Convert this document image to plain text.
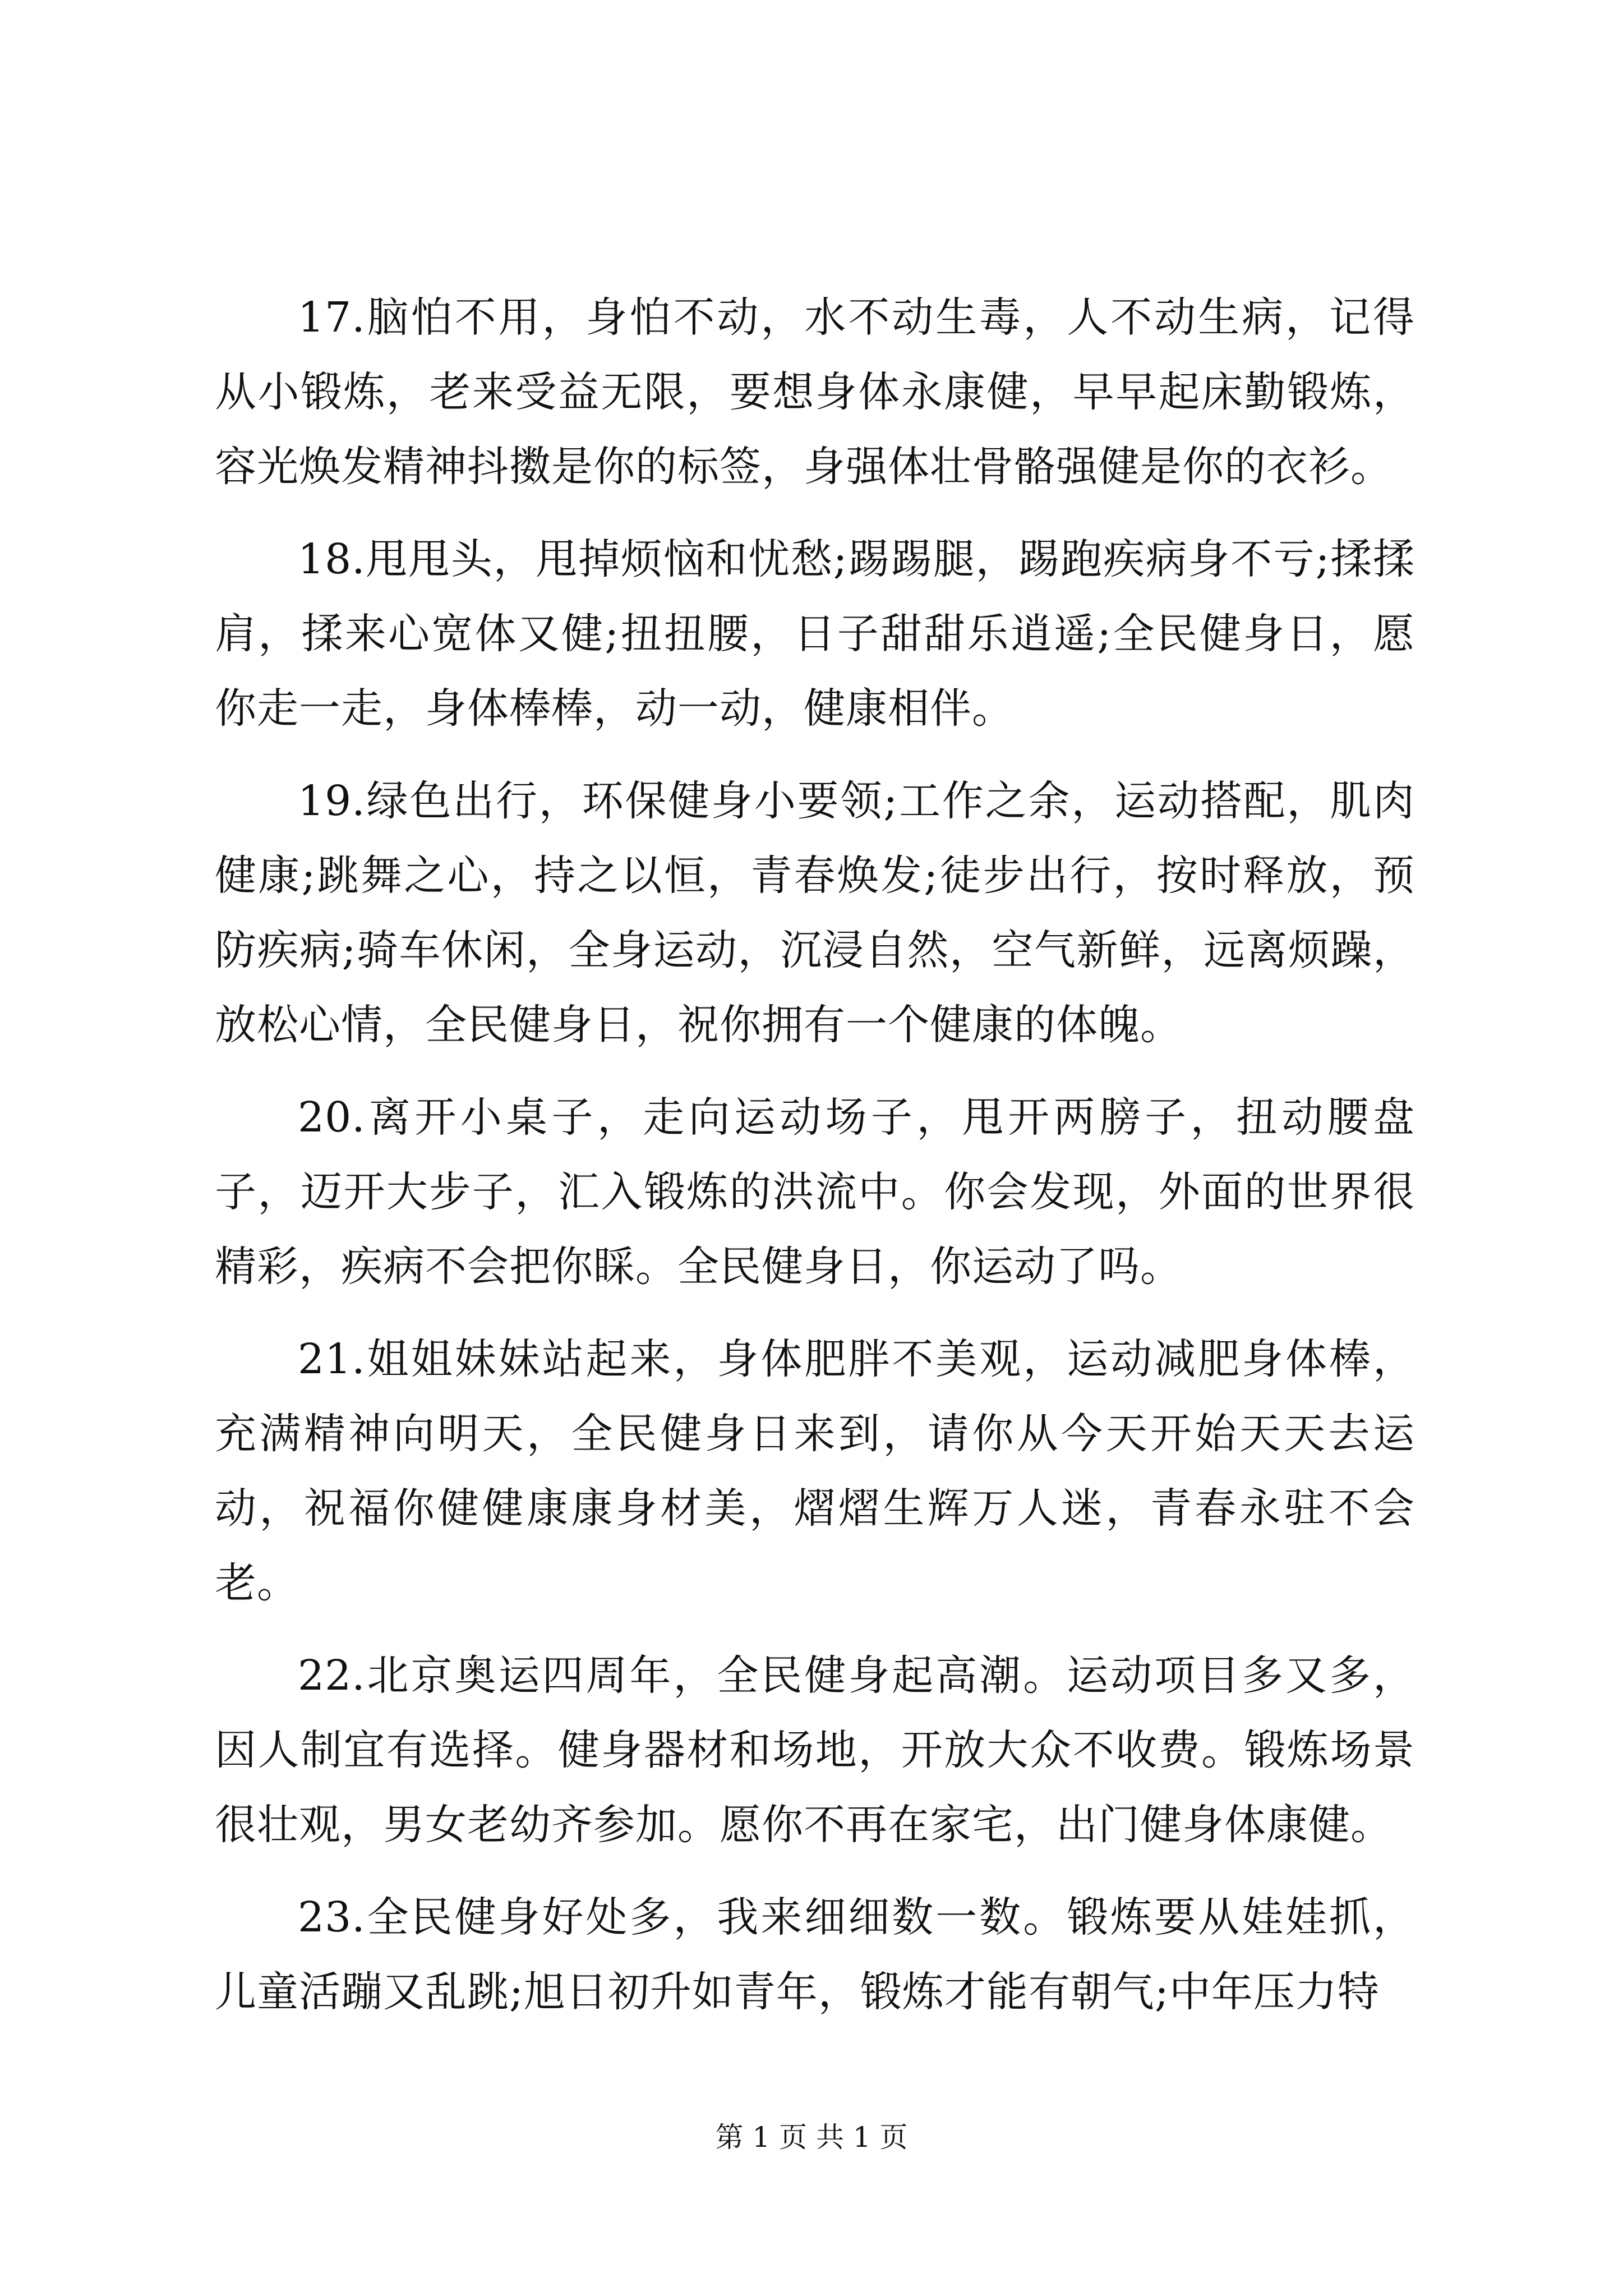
17.脑怕不用，身怕不动，水不动生毒，人不动生病，记得从小锻炼，老来受益无限，要想身体永康健，早早起床勤锻炼，容光焕发精神抖擞是你的标签，身强体壮骨骼强健是你的衣衫。

18.甩甩头，甩掉烦恼和忧愁;踢踢腿，踢跑疾病身不亏;揉揉肩，揉来心宽体又健;扭扭腰，日子甜甜乐逍遥;全民健身日，愿你走一走，身体棒棒，动一动，健康相伴。

19.绿色出行，环保健身小要领;工作之余，运动搭配，肌肉健康;跳舞之心，持之以恒，青春焕发;徒步出行，按时释放，预防疾病;骑车休闲，全身运动，沉浸自然，空气新鲜，远离烦躁，放松心情，全民健身日，祝你拥有一个健康的体魄。

20.离开小桌子，走向运动场子，甩开两膀子，扭动腰盘子，迈开大步子，汇入锻炼的洪流中。你会发现，外面的世界很精彩，疾病不会把你睬。全民健身日，你运动了吗。

21.姐姐妹妹站起来，身体肥胖不美观，运动减肥身体棒，充满精神向明天，全民健身日来到，请你从今天开始天天去运动，祝福你健健康康身材美，熠熠生辉万人迷，青春永驻不会老。

22.北京奥运四周年，全民健身起高潮。运动项目多又多，因人制宜有选择。健身器材和场地，开放大众不收费。锻炼场景很壮观，男女老幼齐参加。愿你不再在家宅，出门健身体康健。

23.全民健身好处多，我来细细数一数。锻炼要从娃娃抓，儿童活蹦又乱跳;旭日初升如青年，锻炼才能有朝气;中年压力特

第 1 页 共 1 页
